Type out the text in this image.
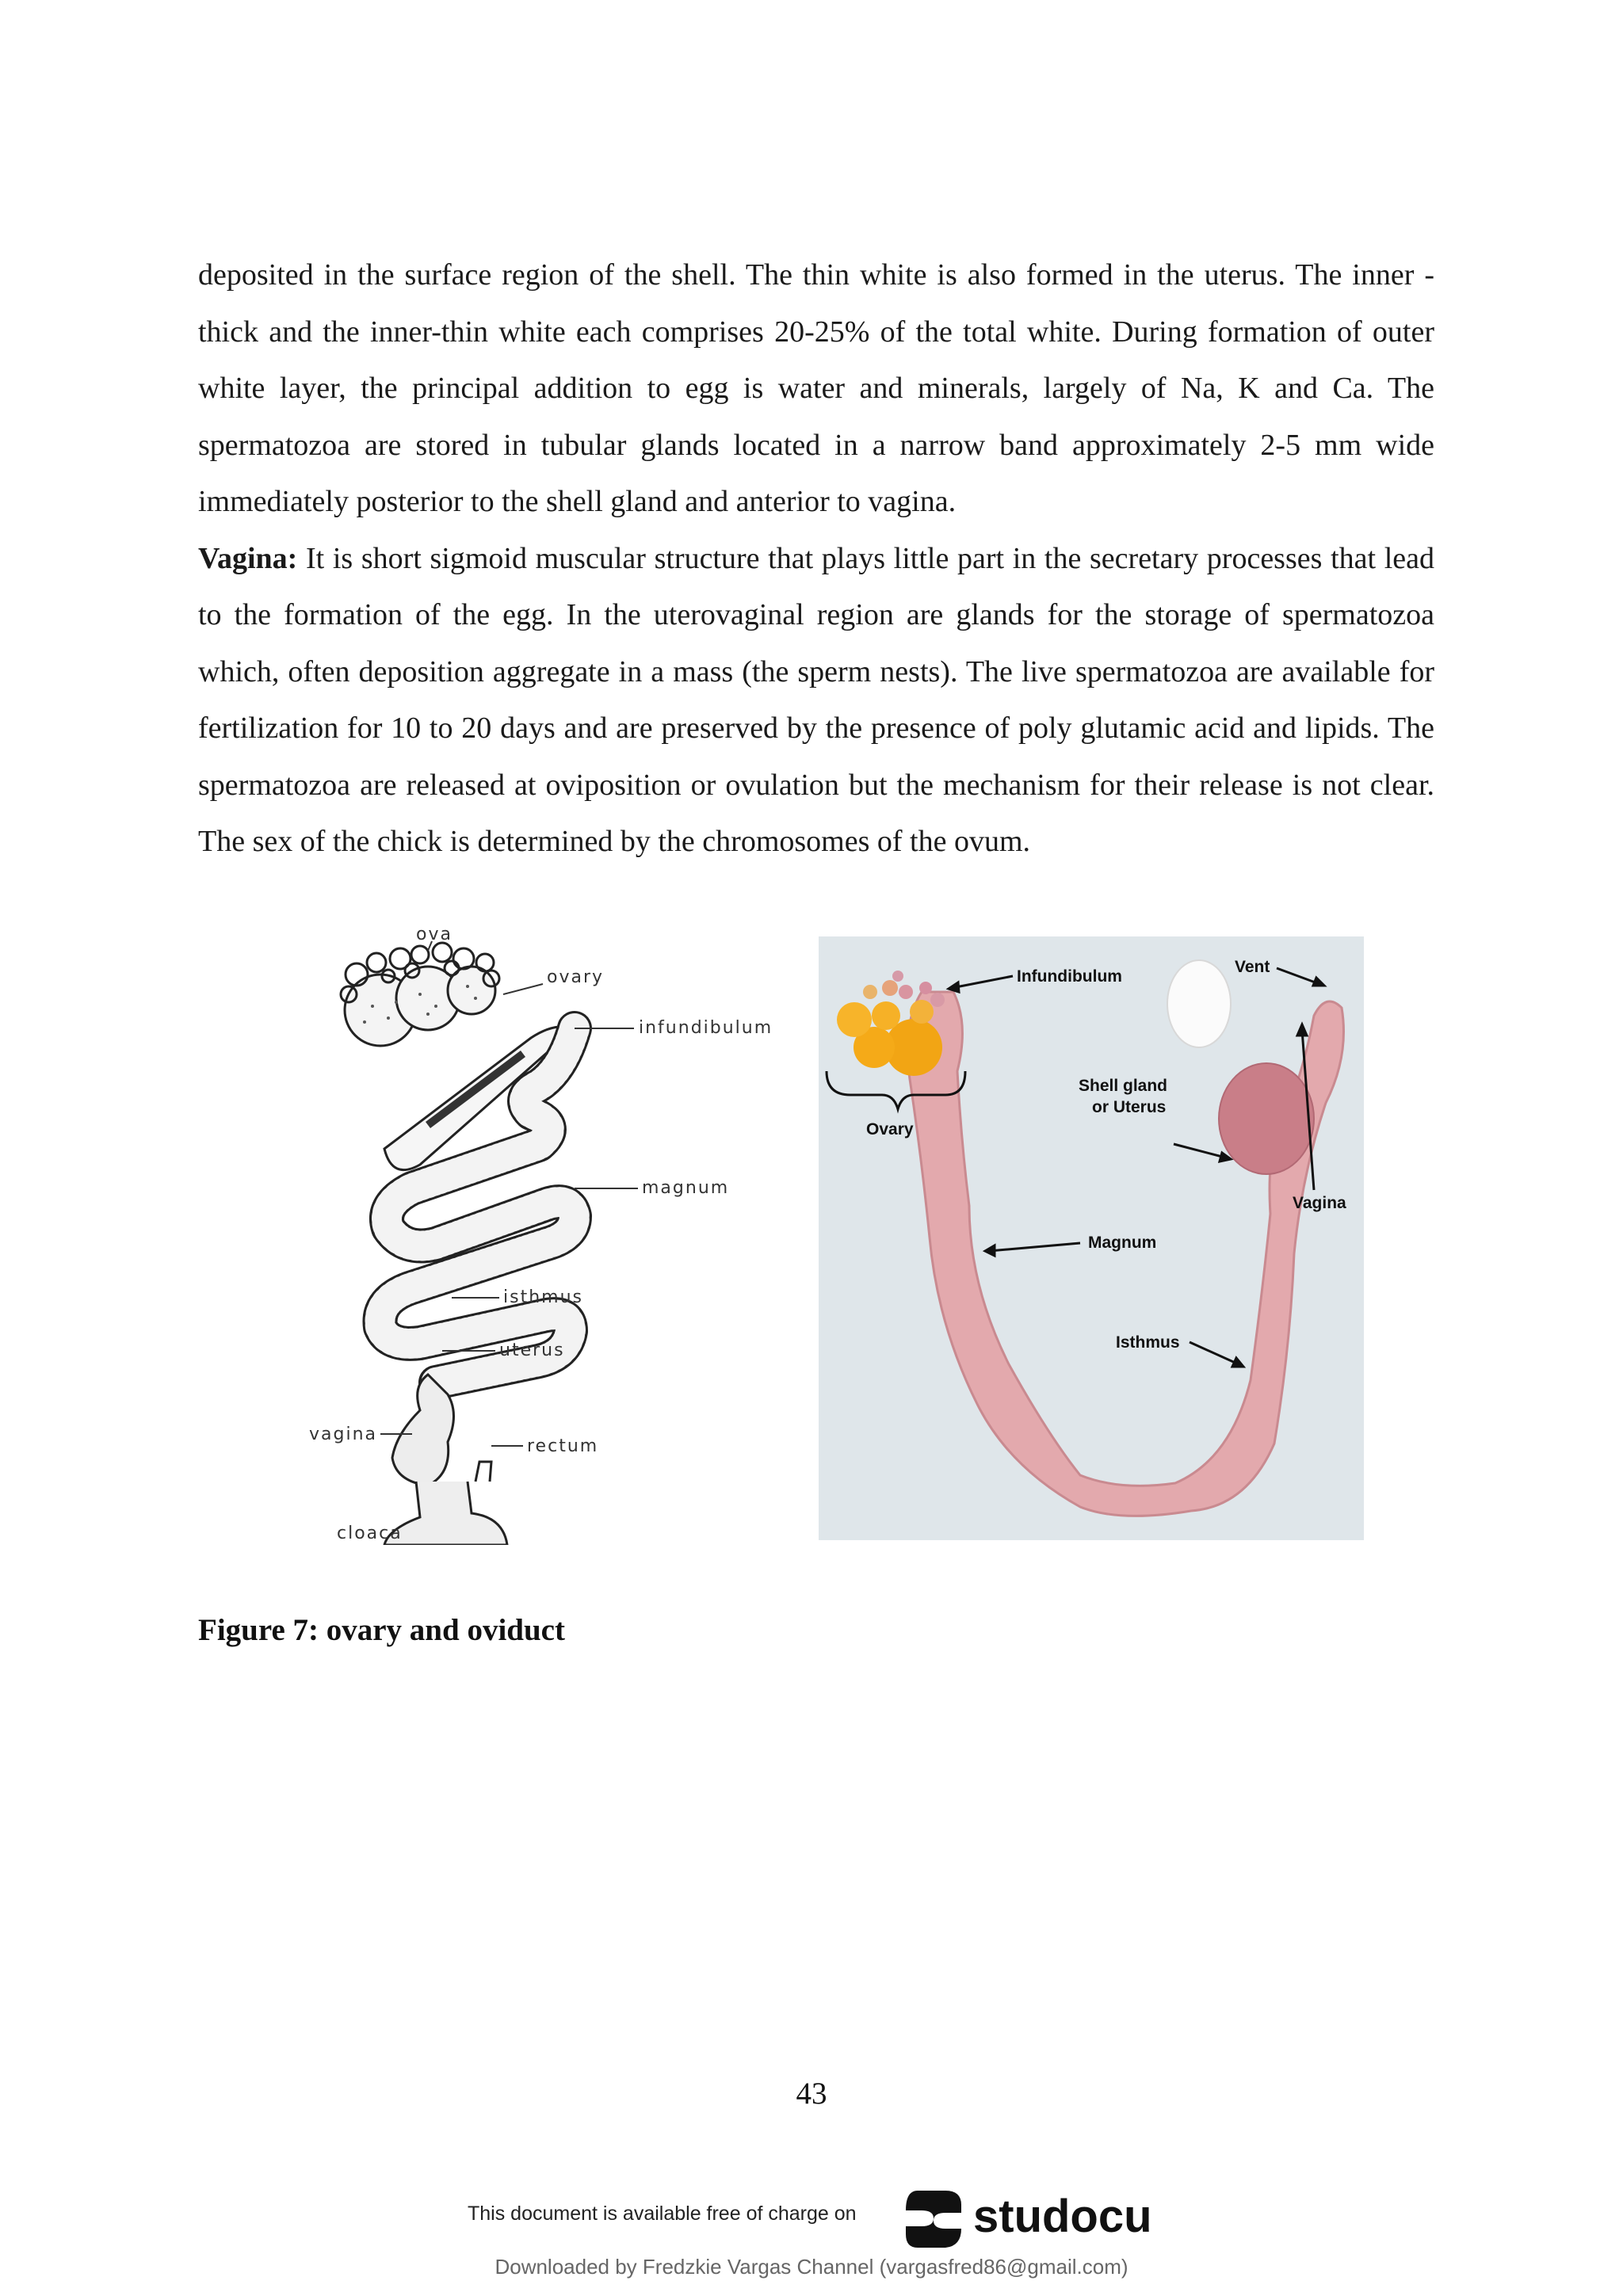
deposited in the surface region of the shell. The thin white is also formed in the uterus. The inner -thick and the inner-thin white each comprises 20-25% of the total white. During formation of outer white layer, the principal addition to egg is water and minerals, largely of Na, K and Ca. The spermatozoa are stored in tubular glands located in a narrow band approximately 2-5 mm wide immediately posterior to the shell gland and anterior to vagina.

Vagina: It is short sigmoid muscular structure that plays little part in the secretary processes that lead to the formation of the egg. In the uterovaginal region are glands for the storage of spermatozoa which, often deposition aggregate in a mass (the sperm nests). The live spermatozoa are available for fertilization for 10 to 20 days and are preserved by the presence of poly glutamic acid and lipids. The spermatozoa are released at oviposition or ovulation but the mechanism for their release is not clear. The sex of the chick is determined by the chromosomes of the ovum.

ova
ovary
infundibulum
magnum
isthmus
uterus
vagina
rectum
cloaca
Infundibulum
Vent
Ovary
Shell gland
or Uterus
Vagina
Magnum
Isthmus
Figure 7: ovary and oviduct
43
This document is available free of charge on	studocu
Downloaded by Fredzkie Vargas Channel (vargasfred86@gmail.com)
